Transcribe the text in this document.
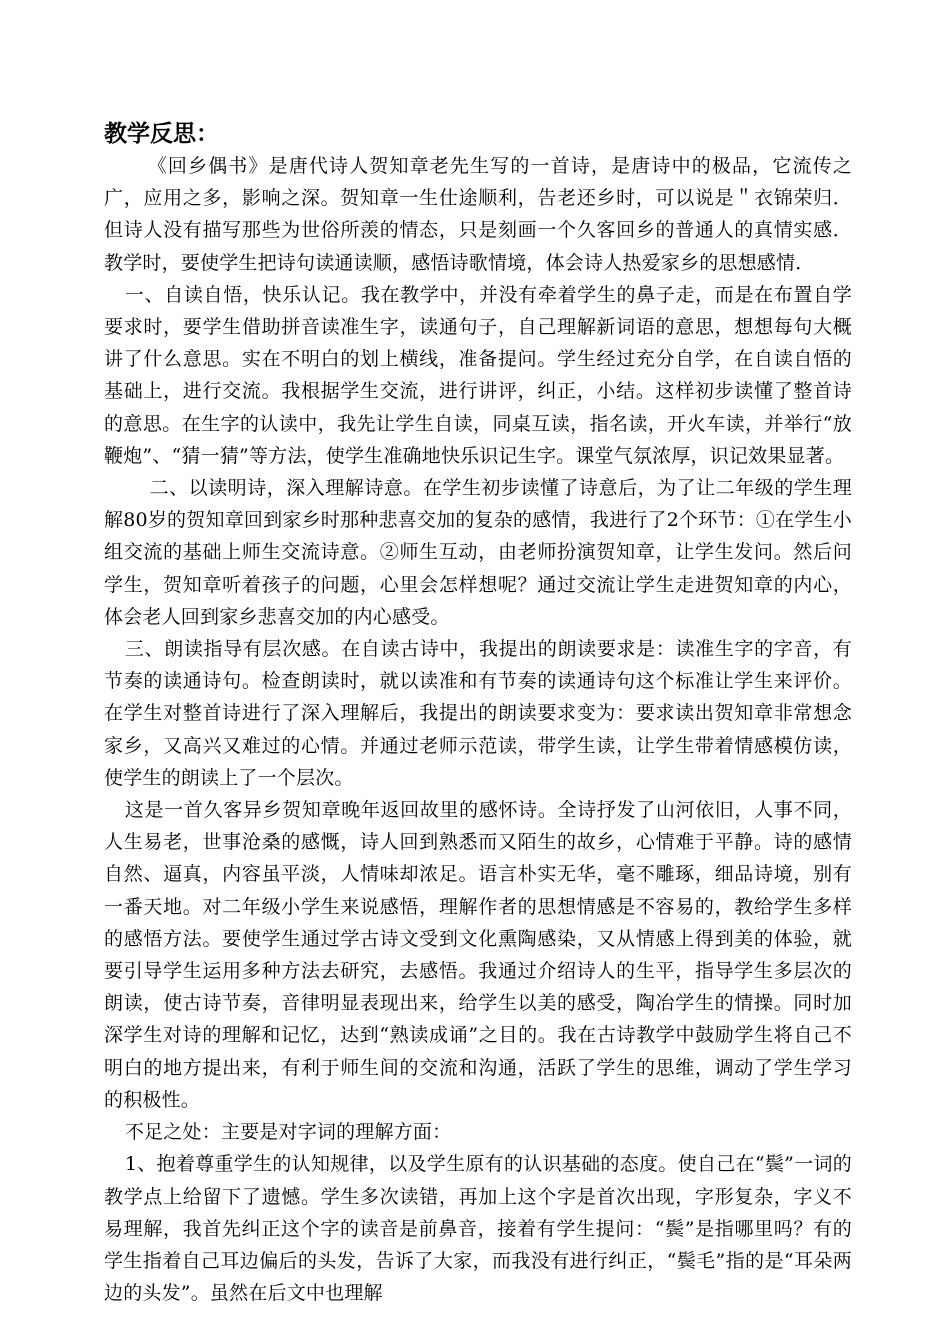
教学反思：

《回乡偶书》是唐代诗人贺知章老先生写的一首诗，是唐诗中的极品，它流传之广，应用之多，影响之深。贺知章一生仕途顺利，告老还乡时，可以说是＂衣锦荣归．但诗人没有描写那些为世俗所羡的情态，只是刻画一个久客回乡的普通人的真情实感．教学时，要使学生把诗句读通读顺，感悟诗歌情境，体会诗人热爱家乡的思想感情．

一、自读自悟，快乐认记。我在教学中，并没有牵着学生的鼻子走，而是在布置自学要求时，要学生借助拼音读准生字，读通句子，自己理解新词语的意思，想想每句大概讲了什么意思。实在不明白的划上横线，准备提问。学生经过充分自学，在自读自悟的基础上，进行交流。我根据学生交流，进行讲评，纠正，小结。这样初步读懂了整首诗的意思。在生字的认读中，我先让学生自读，同桌互读，指名读，开火车读，并举行“放鞭炮”、“猜一猜”等方法，使学生准确地快乐识记生字。课堂气氛浓厚，识记效果显著。

二、以读明诗，深入理解诗意。在学生初步读懂了诗意后，为了让二年级的学生理解80岁的贺知章回到家乡时那种悲喜交加的复杂的感情，我进行了2个环节：①在学生小组交流的基础上师生交流诗意。②师生互动，由老师扮演贺知章，让学生发问。然后问学生，贺知章听着孩子的问题，心里会怎样想呢？通过交流让学生走进贺知章的内心，体会老人回到家乡悲喜交加的内心感受。

三、朗读指导有层次感。在自读古诗中，我提出的朗读要求是：读准生字的字音，有节奏的读通诗句。检查朗读时，就以读准和有节奏的读通诗句这个标准让学生来评价。在学生对整首诗进行了深入理解后，我提出的朗读要求变为：要求读出贺知章非常想念家乡，又高兴又难过的心情。并通过老师示范读，带学生读，让学生带着情感模仿读，使学生的朗读上了一个层次。

这是一首久客异乡贺知章晚年返回故里的感怀诗。全诗抒发了山河依旧，人事不同，人生易老，世事沧桑的感慨，诗人回到熟悉而又陌生的故乡，心情难于平静。诗的感情自然、逼真，内容虽平淡，人情味却浓足。语言朴实无华，毫不雕琢，细品诗境，别有一番天地。对二年级小学生来说感悟，理解作者的思想情感是不容易的，教给学生多样的感悟方法。要使学生通过学古诗文受到文化熏陶感染，又从情感上得到美的体验，就要引导学生运用多种方法去研究，去感悟。我通过介绍诗人的生平，指导学生多层次的朗读，使古诗节奏，音律明显表现出来，给学生以美的感受，陶冶学生的情操。同时加深学生对诗的理解和记忆，达到“熟读成诵”之目的。我在古诗教学中鼓励学生将自己不明白的地方提出来，有利于师生间的交流和沟通，活跃了学生的思维，调动了学生学习的积极性。

不足之处：主要是对字词的理解方面：

1、抱着尊重学生的认知规律，以及学生原有的认识基础的态度。使自己在“鬓”一词的教学点上给留下了遗憾。学生多次读错，再加上这个字是首次出现，字形复杂，字义不易理解，我首先纠正这个字的读音是前鼻音，接着有学生提问：“鬓”是指哪里吗？有的学生指着自己耳边偏后的头发，告诉了大家，而我没有进行纠正，“鬓毛”指的是“耳朵两边的头发”。虽然在后文中也理解
